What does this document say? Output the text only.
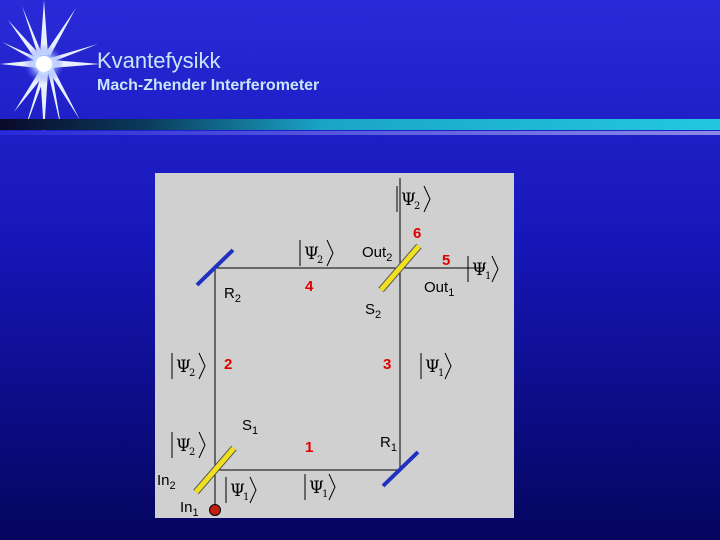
Kvantefysikk
Mach-Zhender Interferometer
$In_2$
$In_1$
$S_1$
$R_1$
$R_2$
$S_2$
Out$_2$
Out$_1$
1
2	3
4
5
6
Ψ
2
Ψ
2	Ψ
1
Ψ
2	Ψ
1
Ψ
2
Ψ
1	Ψ
1
